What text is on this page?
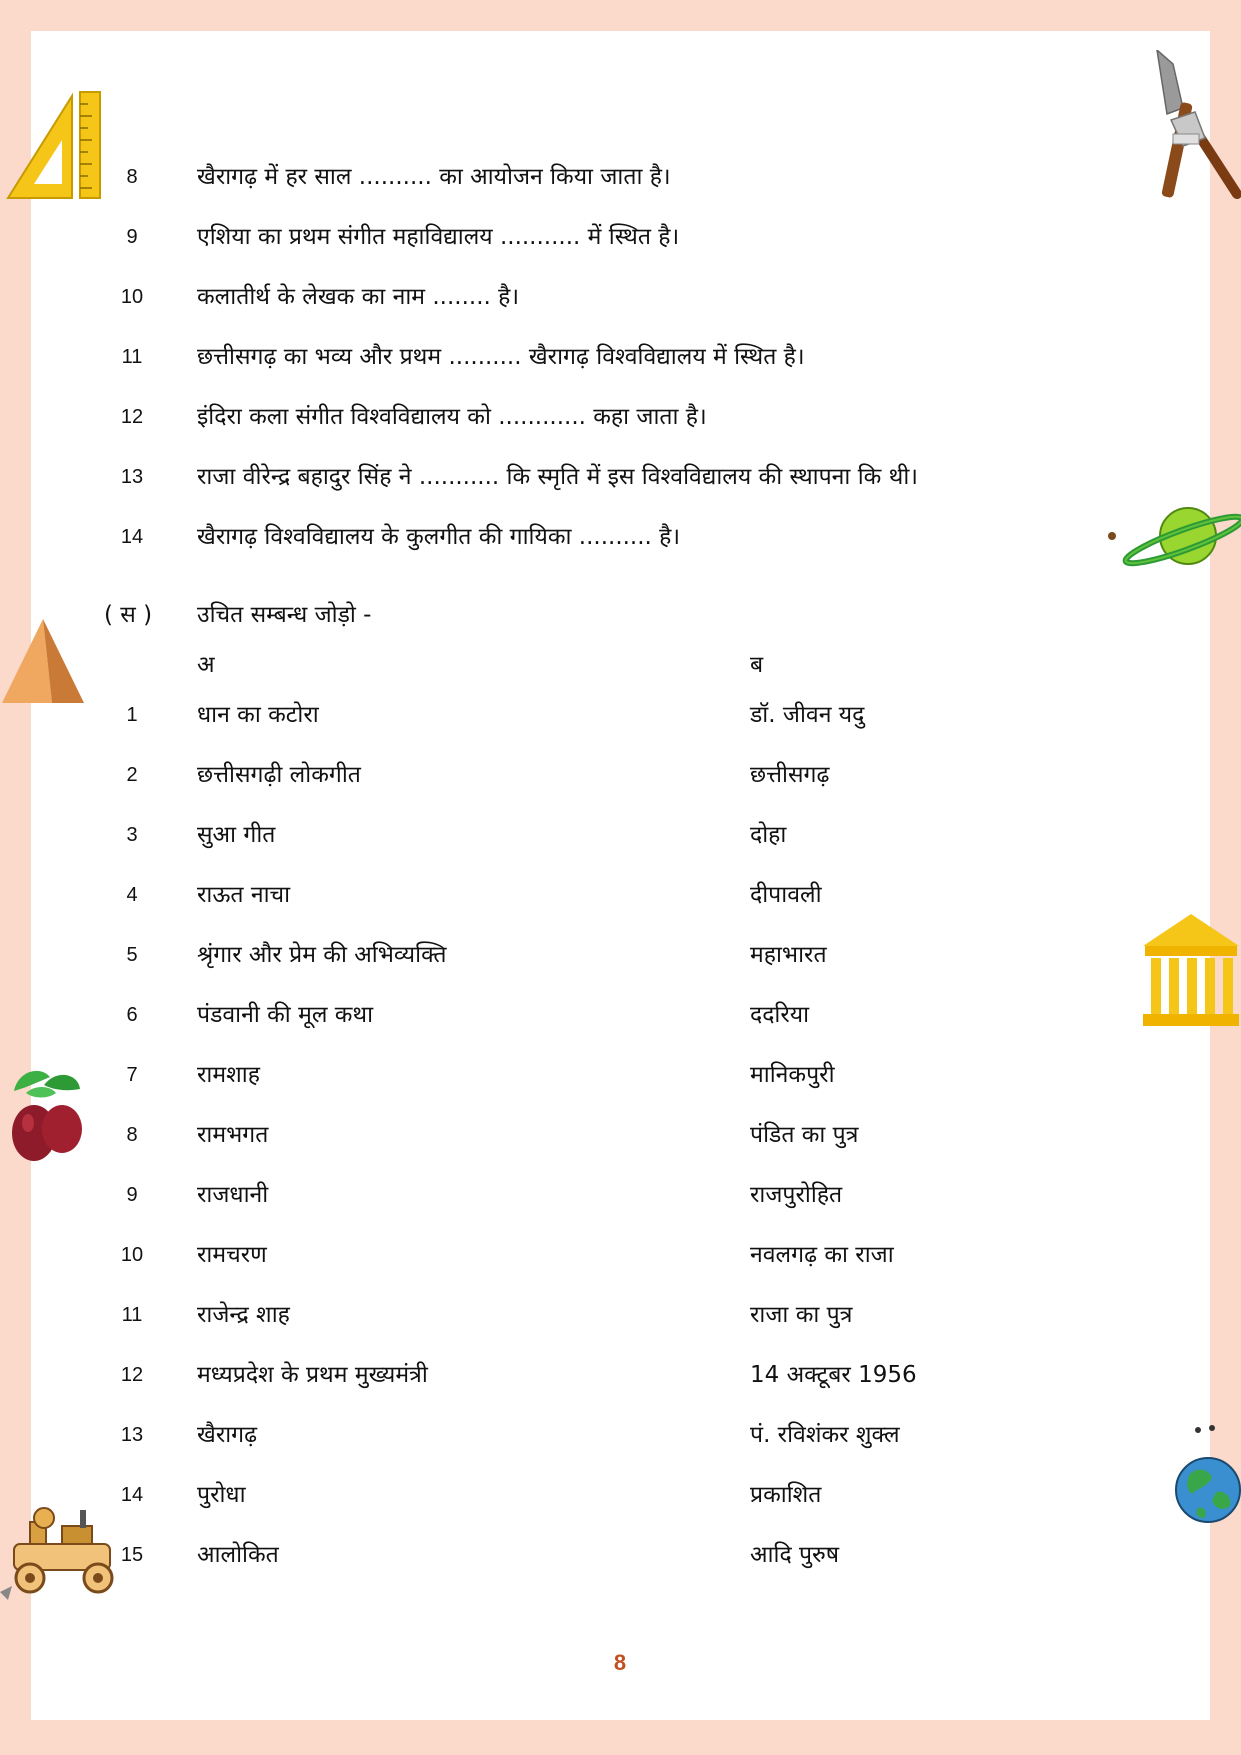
8	खैरागढ़ में हर साल .......... का आयोजन किया जाता है।
9	एशिया का प्रथम संगीत महाविद्यालय ........... में स्थित है।
10	कलातीर्थ के लेखक का नाम ........ है।
11	छत्तीसगढ़ का भव्य और प्रथम .......... खैरागढ़ विश्वविद्यालय में स्थित है।
12	इंदिरा कला संगीत विश्वविद्यालय को ............ कहा जाता है।
13	राजा वीरेन्द्र बहादुर सिंह ने ........... कि स्मृति में इस विश्वविद्यालय की स्थापना कि थी।
14	खैरागढ़ विश्वविद्यालय के कुलगीत की गायिका .......... है।
( स ) उचित सम्बन्ध जोड़ो -
अ	ब
1	धान का कटोरा	डॉ. जीवन यदु
2	छत्तीसगढ़ी लोकगीत	छत्तीसगढ़
3	सुआ गीत	दोहा
4	राऊत नाचा	दीपावली
5	श्रृंगार और प्रेम की अभिव्यक्ति	महाभारत
6	पंडवानी की मूल कथा	ददरिया
7	रामशाह	मानिकपुरी
8	रामभगत	पंडित का पुत्र
9	राजधानी	राजपुरोहित
10	रामचरण	नवलगढ़ का राजा
11	राजेन्द्र शाह	राजा का पुत्र
12	मध्यप्रदेश के प्रथम मुख्यमंत्री	14 अक्टूबर 1956
13	खैरागढ़	पं. रविशंकर शुक्ल
14	पुरोधा	प्रकाशित
15	आलोकित	आदि पुरुष
8
